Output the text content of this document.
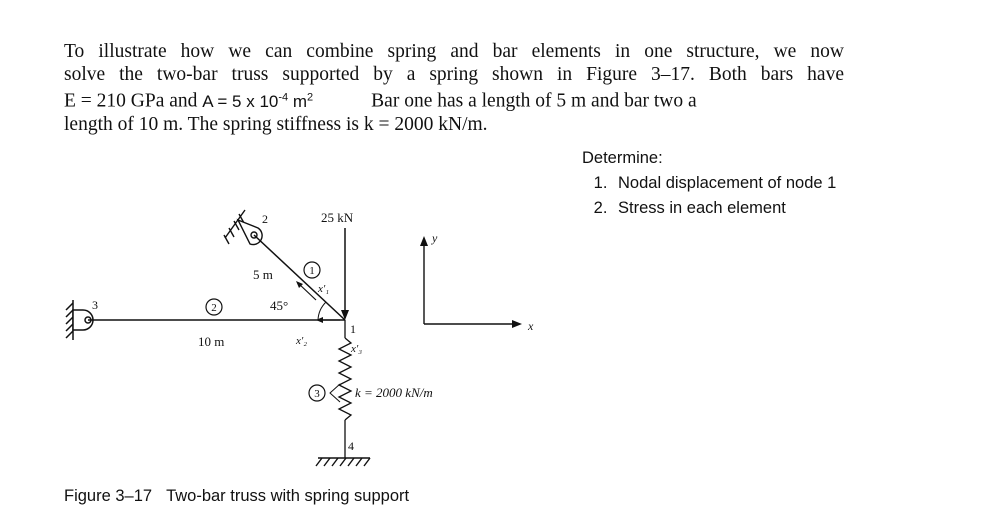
To illustrate how we can combine spring and bar elements in one structure, we now
solve the two-bar truss supported by a spring shown in Figure 3–17. Both bars have
E = 210 GPa and A = 5 x $10^{-4}$ $m^2$	Bar one has a length of 5 m and bar two a
length of 10 m. The spring stiffness is k = 2000 kN/m.
Determine:
1. Nodal displacement of node 1
2. Stress in each element
3	2
10 m
2
1
5 m
x′₁
45°
x′₂
25 kN
1
x′₃
3	k = 2000 kN/m
4
y
x
Figure 3–17 Two-bar truss with spring support
